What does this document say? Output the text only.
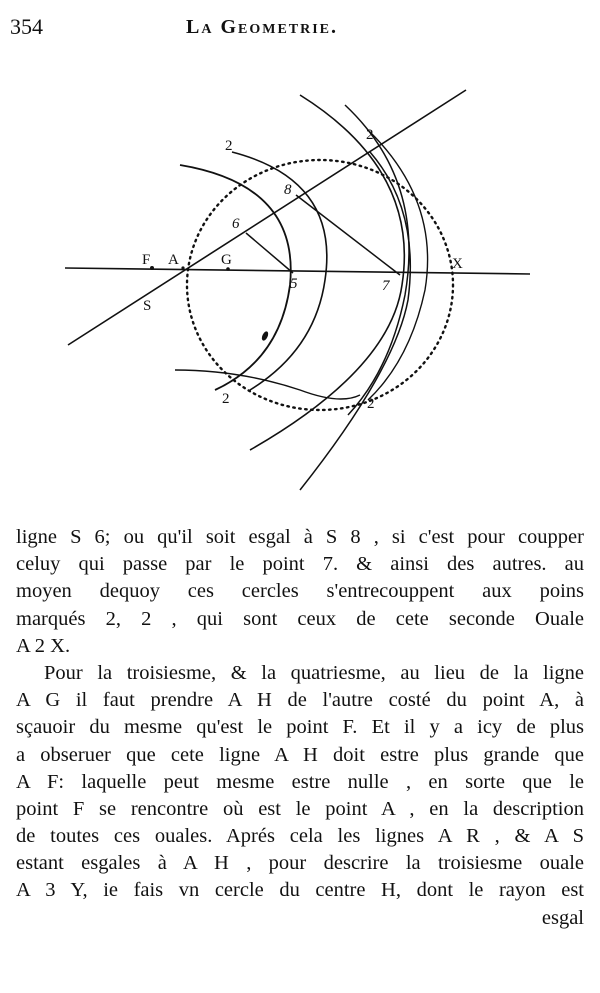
354	La Geometrie.
F A	G	X
S
6
8
5	7
2
2
2	2
ligne S 6; ou qu'il soit esgal à S 8 , si c'est pour coupper
celuy qui passe par le point 7. & ainsi des autres. au
moyen dequoy ces cercles s'entrecouppent aux poins
marqués 2, 2 , qui sont ceux de cete seconde Ouale
A 2 X.
Pour la troisiesme, & la quatriesme, au lieu de la ligne
A G il faut prendre A H de l'autre costé du point A, à
sçauoir du mesme qu'est le point F. Et il y a icy de plus
a obseruer que cete ligne A H doit estre plus grande que
A F: laquelle peut mesme estre nulle , en sorte que le
point F se rencontre où est le point A , en la description
de toutes ces ouales. Aprés cela les lignes A R , & A S
estant esgales à A H , pour descrire la troisiesme ouale
A 3 Y, ie fais vn cercle du centre H, dont le rayon est
esgal
